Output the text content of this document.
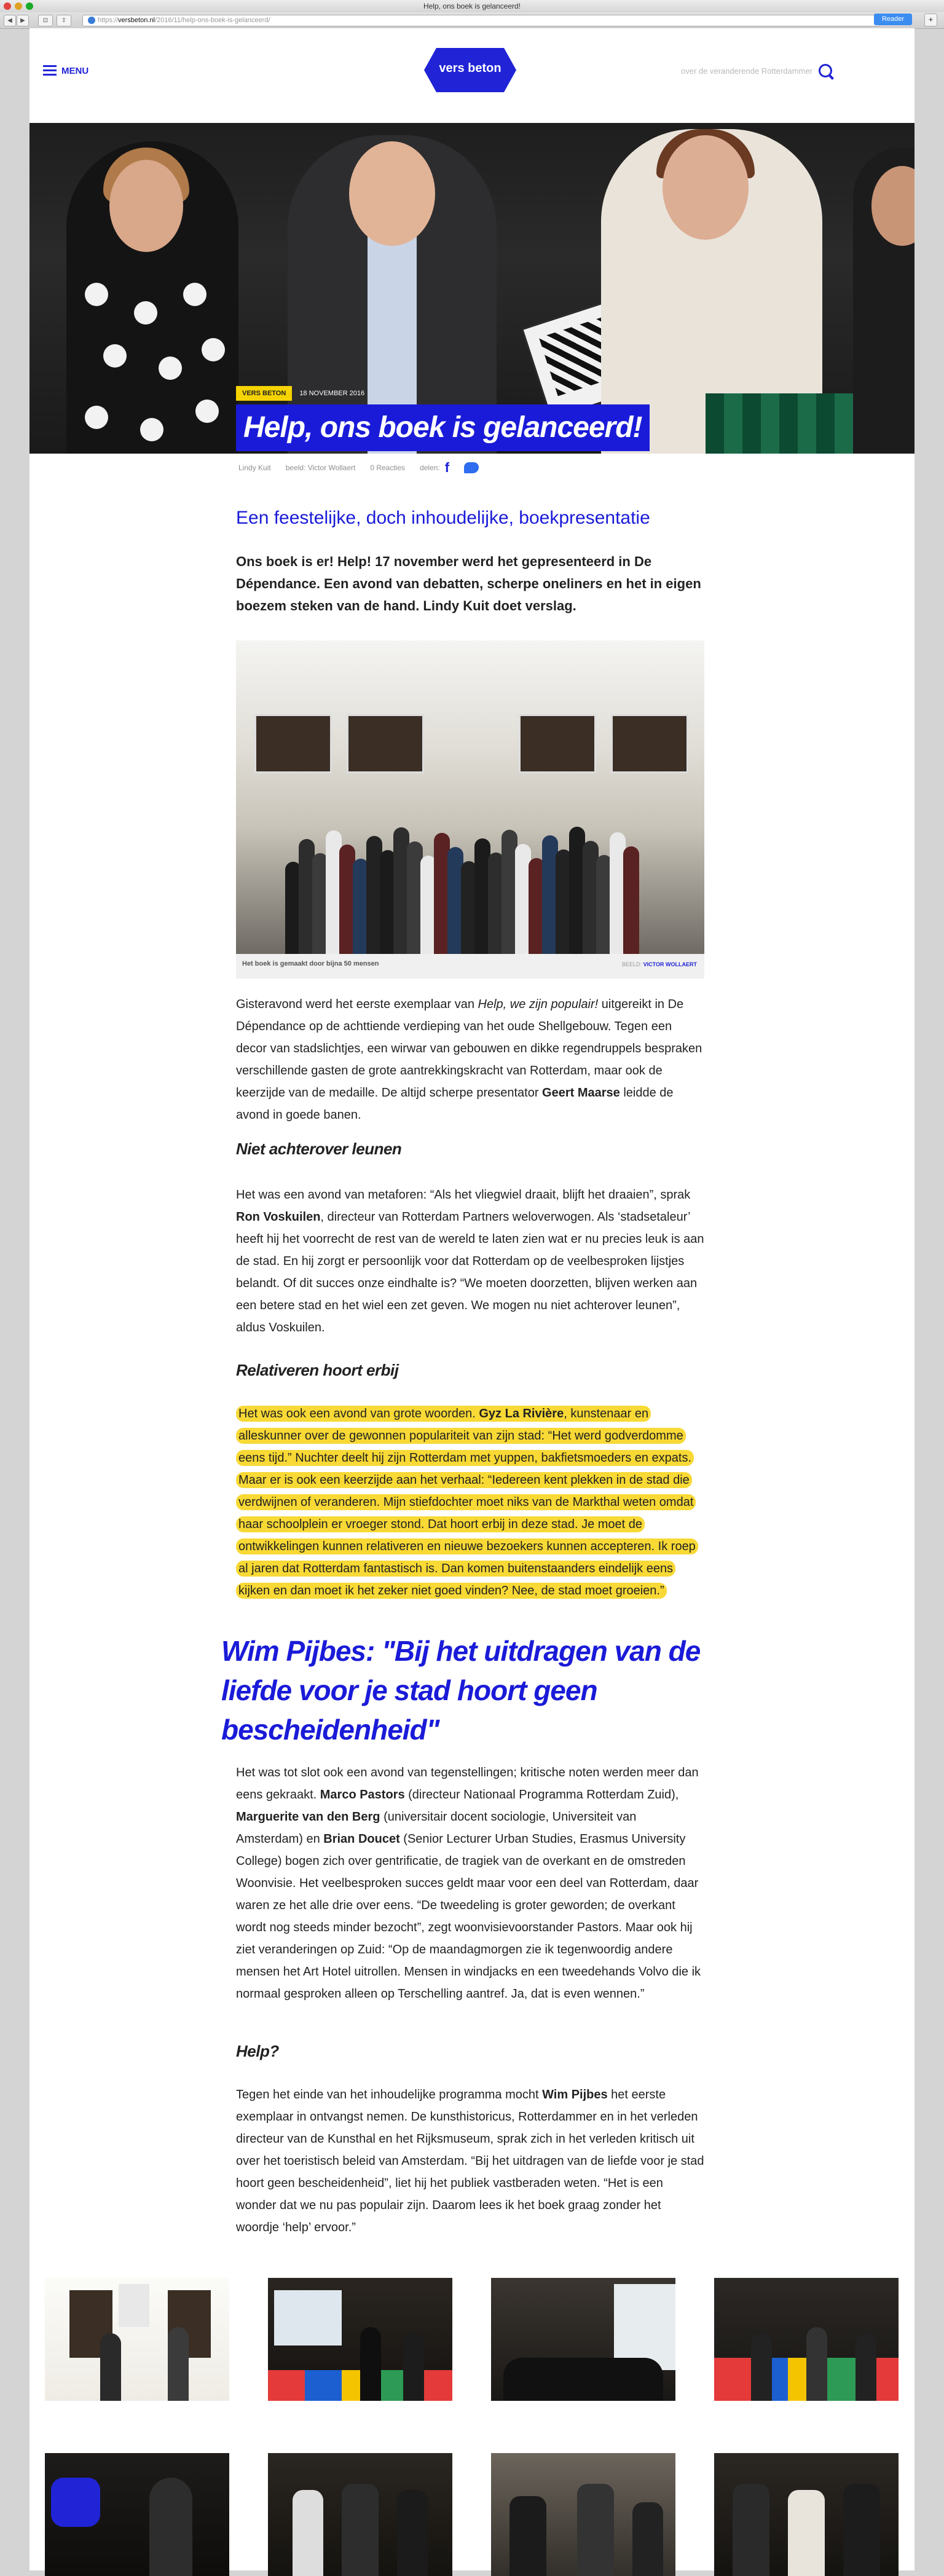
Help, ons boek is gelanceerd!
◀	▶	⊡	⇪	https://versbeton.nl/2016/11/help-ons-boek-is-gelanceerd/	Reader	+
MENU	vers beton	over de veranderende Rotterdammer
VERS BETON	18 NOVEMBER 2016
Help, ons boek is gelanceerd!
Lindy Kuit beeld: Victor Wollaert 0 Reacties delen: f
Een feestelijke, doch inhoudelijke, boekpresentatie
Ons boek is er! Help! 17 november werd het gepresenteerd in De Dépendance. Een avond van debatten, scherpe oneliners en het in eigen boezem steken van de hand. Lindy Kuit doet verslag.
Het boek is gemaakt door bijna 50 mensen	BEELD: VICTOR WOLLAERT

Gisteravond werd het eerste exemplaar van Help, we zijn populair! uitgereikt in De Dépendance op de achttiende verdieping van het oude Shellgebouw. Tegen een decor van stadslichtjes, een wirwar van gebouwen en dikke regendruppels bespraken verschillende gasten de grote aantrekkingskracht van Rotterdam, maar ook de keerzijde van de medaille. De altijd scherpe presentator Geert Maarse leidde de avond in goede banen.

Niet achterover leunen

Het was een avond van metaforen: “Als het vliegwiel draait, blijft het draaien”, sprak Ron Voskuilen, directeur van Rotterdam Partners weloverwogen. Als ‘stadsetaleur’ heeft hij het voorrecht de rest van de wereld te laten zien wat er nu precies leuk is aan de stad. En hij zorgt er persoonlijk voor dat Rotterdam op de veelbesproken lijstjes belandt. Of dit succes onze eindhalte is? “We moeten doorzetten, blijven werken aan een betere stad en het wiel een zet geven. We mogen nu niet achterover leunen”, aldus Voskuilen.

Relativeren hoort erbij

Het was ook een avond van grote woorden. Gyz La Rivière, kunstenaar en alleskunner over de gewonnen populariteit van zijn stad: “Het werd godverdomme eens tijd.” Nuchter deelt hij zijn Rotterdam met yuppen, bakfietsmoeders en expats. Maar er is ook een keerzijde aan het verhaal: “Iedereen kent plekken in de stad die verdwijnen of veranderen. Mijn stiefdochter moet niks van de Markthal weten omdat haar schoolplein er vroeger stond. Dat hoort erbij in deze stad. Je moet de ontwikkelingen kunnen relativeren en nieuwe bezoekers kunnen accepteren. Ik roep al jaren dat Rotterdam fantastisch is. Dan komen buitenstaanders eindelijk eens kijken en dan moet ik het zeker niet goed vinden? Nee, de stad moet groeien.”

Wim Pijbes: "Bij het uitdragen van de liefde voor je stad hoort geen bescheidenheid"

Het was tot slot ook een avond van tegenstellingen; kritische noten werden meer dan eens gekraakt. Marco Pastors (directeur Nationaal Programma Rotterdam Zuid), Marguerite van den Berg (universitair docent sociologie, Universiteit van Amsterdam) en Brian Doucet (Senior Lecturer Urban Studies, Erasmus University College) bogen zich over gentrificatie, de tragiek van de overkant en de omstreden Woonvisie. Het veelbesproken succes geldt maar voor een deel van Rotterdam, daar waren ze het alle drie over eens. “De tweedeling is groter geworden; de overkant wordt nog steeds minder bezocht”, zegt woonvisievoorstander Pastors. Maar ook hij ziet veranderingen op Zuid: “Op de maandagmorgen zie ik tegenwoordig andere mensen het Art Hotel uitrollen. Mensen in windjacks en een tweedehands Volvo die ik normaal gesproken alleen op Terschelling aantref. Ja, dat is even wennen.”

Help?

Tegen het einde van het inhoudelijke programma mocht Wim Pijbes het eerste exemplaar in ontvangst nemen. De kunsthistoricus, Rotterdammer en in het verleden directeur van de Kunsthal en het Rijksmuseum, sprak zich in het verleden kritisch uit over het toeristisch beleid van Amsterdam. “Bij het uitdragen van de liefde voor je stad hoort geen bescheidenheid”, liet hij het publiek vastberaden weten. “Het is een wonder dat we nu pas populair zijn. Daarom lees ik het boek graag zonder het woordje ‘help’ ervoor.”
